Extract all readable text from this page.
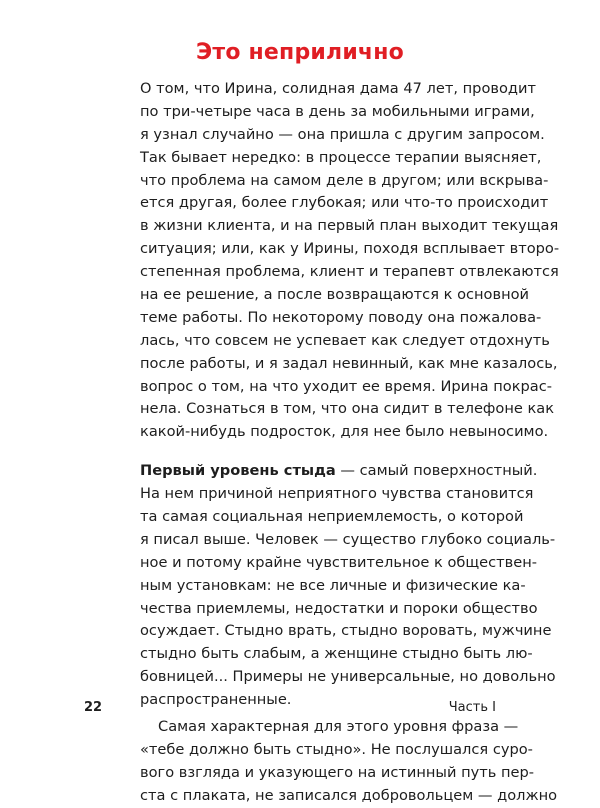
Это неприлично
О том, что Ирина, солидная дама 47 лет, проводит
по три-четыре часа в день за мобильными играми,
я узнал случайно — она пришла с другим запросом.
Так бывает нередко: в процессе терапии выясняет,
что проблема на самом деле в другом; или вскрыва-
ется другая, более глубокая; или что-то происходит
в жизни клиента, и на первый план выходит текущая
ситуация; или, как у Ирины, походя всплывает второ-
степенная проблема, клиент и терапевт отвлекаются
на ее решение, а после возвращаются к основной
теме работы. По некоторому поводу она пожалова-
лась, что совсем не успевает как следует отдохнуть
после работы, и я задал невинный, как мне казалось,
вопрос о том, на что уходит ее время. Ирина покрас-
нела. Сознаться в том, что она сидит в телефоне как
какой-нибудь подросток, для нее было невыносимо.
Первый уровень стыда — самый поверхностный.
На нем причиной неприятного чувства становится
та самая социальная неприемлемость, о которой
я писал выше. Человек — существо глубоко социаль-
ное и потому крайне чувствительное к обществен-
ным установкам: не все личные и физические ка-
чества приемлемы, недостатки и пороки общество
осуждает. Стыдно врать, стыдно воровать, мужчине
стыдно быть слабым, а женщине стыдно быть лю-
бовницей... Примеры не универсальные, но довольно
распространенные.
Самая характерная для этого уровня фраза —
«тебе должно быть стыдно». Не послушался суро-
вого взгляда и указующего на истинный путь пер-
ста с плаката, не записался добровольцем — должно
22	Часть I
